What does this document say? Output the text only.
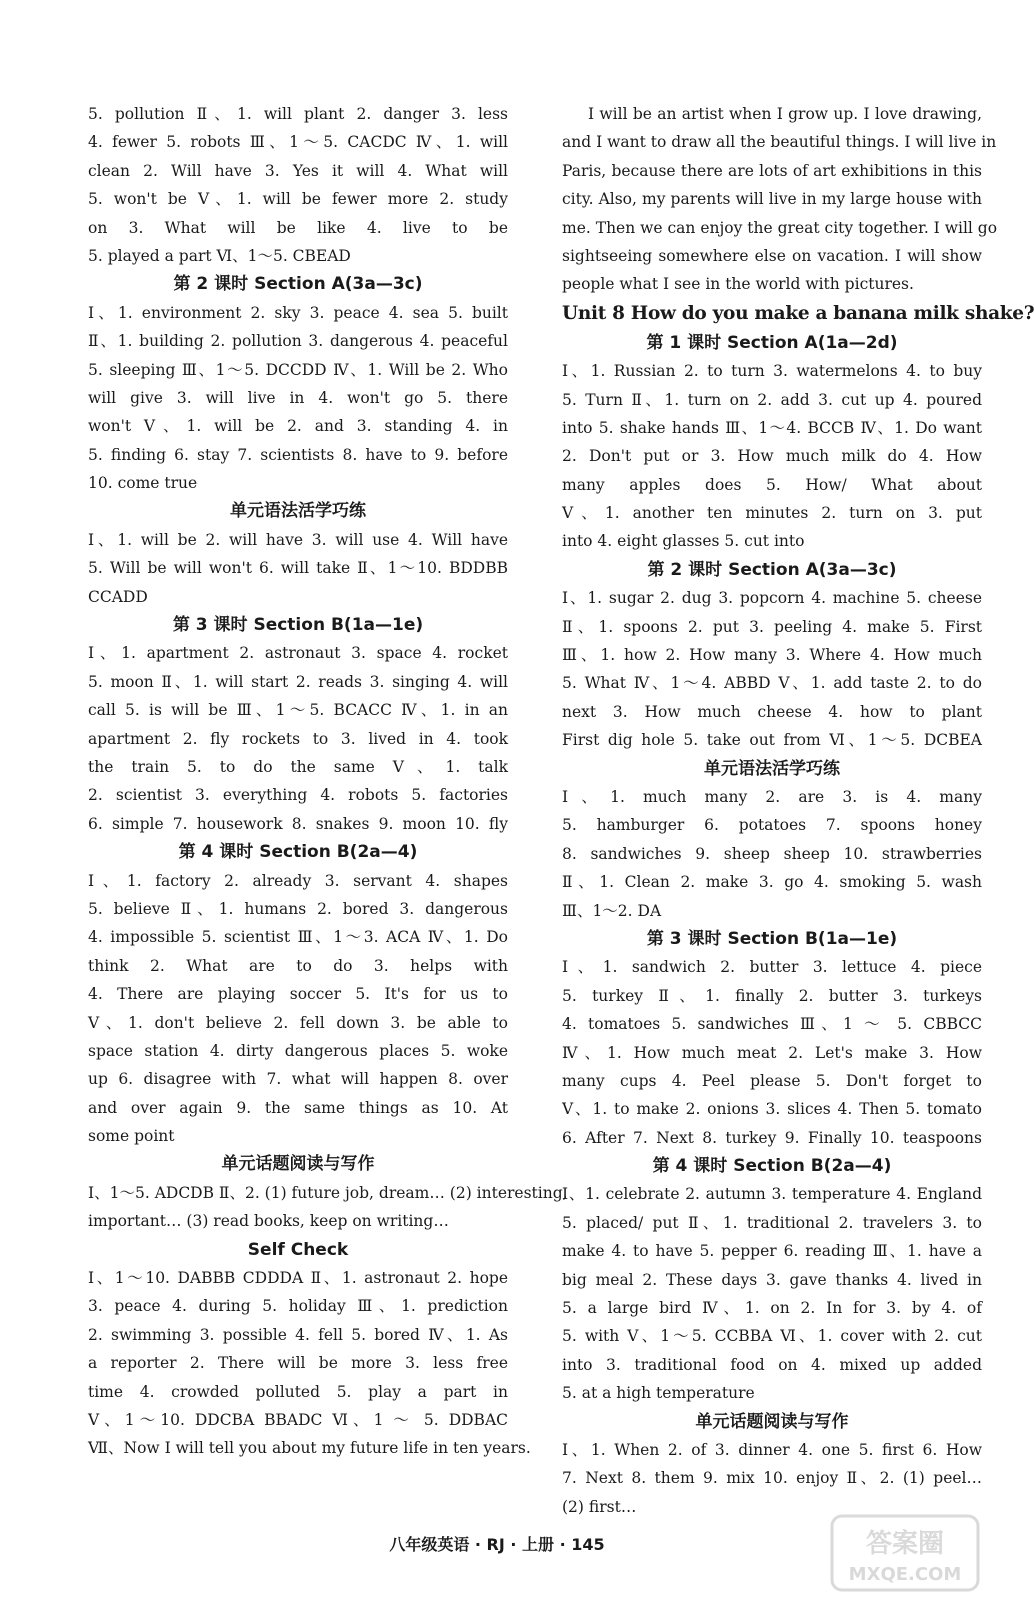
5. pollution Ⅱ、1. will plant 2. danger 3. less
4. fewer 5. robots Ⅲ、1～5. CACDC Ⅳ、1. will
clean 2. Will have 3. Yes it will 4. What will
5. won't be Ⅴ、1. will be fewer more 2. study
on 3. What will be like 4. live to be
5. played a part Ⅵ、1～5. CBEAD
第 2 课时 Section A(3a—3c)
Ⅰ、1. environment 2. sky 3. peace 4. sea 5. built
Ⅱ、1. building 2. pollution 3. dangerous 4. peaceful
5. sleeping Ⅲ、1～5. DCCDD Ⅳ、1. Will be 2. Who
will give 3. will live in 4. won't go 5. there
won't Ⅴ、1. will be 2. and 3. standing 4. in
5. finding 6. stay 7. scientists 8. have to 9. before
10. come true
单元语法活学巧练
Ⅰ、1. will be 2. will have 3. will use 4. Will have
5. Will be will won't 6. will take Ⅱ、1～10. BDDBB
CCADD
第 3 课时 Section B(1a—1e)
Ⅰ、1. apartment 2. astronaut 3. space 4. rocket
5. moon Ⅱ、1. will start 2. reads 3. singing 4. will
call 5. is will be Ⅲ、1～5. BCACC Ⅳ、1. in an
apartment 2. fly rockets to 3. lived in 4. took
the train 5. to do the same Ⅴ、1. talk
2. scientist 3. everything 4. robots 5. factories
6. simple 7. housework 8. snakes 9. moon 10. fly
第 4 课时 Section B(2a—4)
Ⅰ、1. factory 2. already 3. servant 4. shapes
5. believe Ⅱ、1. humans 2. bored 3. dangerous
4. impossible 5. scientist Ⅲ、1～3. ACA Ⅳ、1. Do
think 2. What are to do 3. helps with
4. There are playing soccer 5. It's for us to
Ⅴ、1. don't believe 2. fell down 3. be able to
space station 4. dirty dangerous places 5. woke
up 6. disagree with 7. what will happen 8. over
and over again 9. the same things as 10. At
some point
单元话题阅读与写作
Ⅰ、1～5. ADCDB Ⅱ、2. (1) future job, dream… (2) interesting,
important… (3) read books, keep on writing…
Self Check
Ⅰ、1～10. DABBB CDDDA Ⅱ、1. astronaut 2. hope
3. peace 4. during 5. holiday Ⅲ、1. prediction
2. swimming 3. possible 4. fell 5. bored Ⅳ、1. As
a reporter 2. There will be more 3. less free
time 4. crowded polluted 5. play a part in
Ⅴ、1～10. DDCBA BBADC Ⅵ、1 ～ 5. DDBAC
Ⅶ、Now I will tell you about my future life in ten years.
I will be an artist when I grow up. I love drawing,
and I want to draw all the beautiful things. I will live in
Paris, because there are lots of art exhibitions in this
city. Also, my parents will live in my large house with
me. Then we can enjoy the great city together. I will go
sightseeing somewhere else on vacation. I will show
people what I see in the world with pictures.
Unit 8 How do you make a banana milk shake?
第 1 课时 Section A(1a—2d)
Ⅰ、1. Russian 2. to turn 3. watermelons 4. to buy
5. Turn Ⅱ、1. turn on 2. add 3. cut up 4. poured
into 5. shake hands Ⅲ、1～4. BCCB Ⅳ、1. Do want
2. Don't put or 3. How much milk do 4. How
many apples does 5. How/ What about
Ⅴ、1. another ten minutes 2. turn on 3. put
into 4. eight glasses 5. cut into
第 2 课时 Section A(3a—3c)
Ⅰ、1. sugar 2. dug 3. popcorn 4. machine 5. cheese
Ⅱ、1. spoons 2. put 3. peeling 4. make 5. First
Ⅲ、1. how 2. How many 3. Where 4. How much
5. What Ⅳ、1～4. ABBD Ⅴ、1. add taste 2. to do
next 3. How much cheese 4. how to plant
First dig hole 5. take out from Ⅵ、1～5. DCBEA
单元语法活学巧练
Ⅰ、1. much many 2. are 3. is 4. many
5. hamburger 6. potatoes 7. spoons honey
8. sandwiches 9. sheep sheep 10. strawberries
Ⅱ、1. Clean 2. make 3. go 4. smoking 5. wash
Ⅲ、1～2. DA
第 3 课时 Section B(1a—1e)
Ⅰ、1. sandwich 2. butter 3. lettuce 4. piece
5. turkey Ⅱ、1. finally 2. butter 3. turkeys
4. tomatoes 5. sandwiches Ⅲ、1 ～ 5. CBBCC
Ⅳ、1. How much meat 2. Let's make 3. How
many cups 4. Peel please 5. Don't forget to
Ⅴ、1. to make 2. onions 3. slices 4. Then 5. tomato
6. After 7. Next 8. turkey 9. Finally 10. teaspoons
第 4 课时 Section B(2a—4)
Ⅰ、1. celebrate 2. autumn 3. temperature 4. England
5. placed/ put Ⅱ、1. traditional 2. travelers 3. to
make 4. to have 5. pepper 6. reading Ⅲ、1. have a
big meal 2. These days 3. gave thanks 4. lived in
5. a large bird Ⅳ、1. on 2. In for 3. by 4. of
5. with Ⅴ、1～5. CCBBA Ⅵ、1. cover with 2. cut
into 3. traditional food on 4. mixed up added
5. at a high temperature
单元话题阅读与写作
Ⅰ、1. When 2. of 3. dinner 4. one 5. first 6. How
7. Next 8. them 9. mix 10. enjoy Ⅱ、2. (1) peel…
(2) first…
八年级英语 · RJ · 上册 · 145	答案圈
MXQE.COM
